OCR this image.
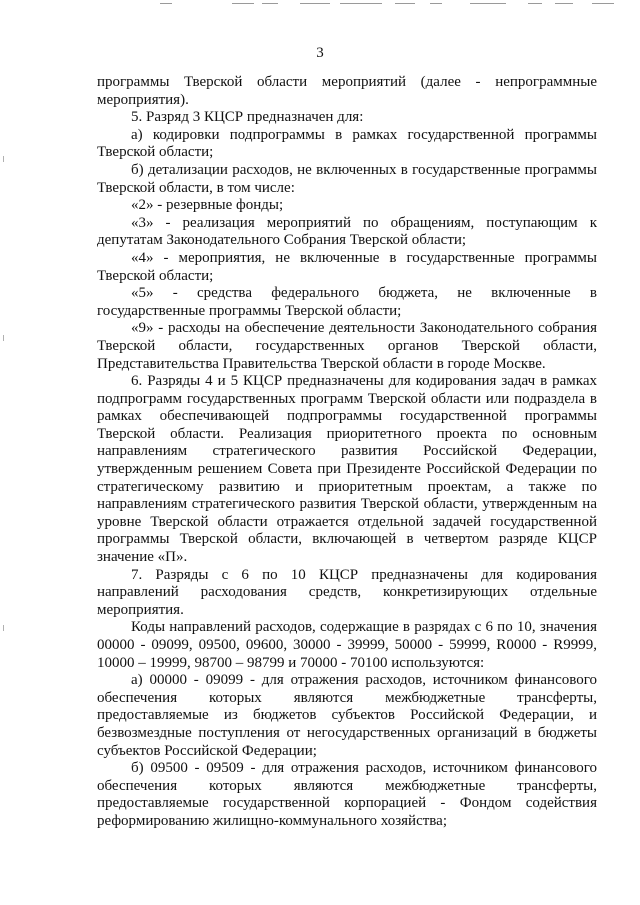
3

программы Тверской области мероприятий (далее - непрограммные мероприятия).

5. Разряд 3 КЦСР предназначен для:

а) кодировки подпрограммы в рамках государственной программы Тверской области;

б) детализации расходов, не включенных в государственные программы Тверской области, в том числе:

«2» - резервные фонды;

«3» - реализация мероприятий по обращениям, поступающим к депутатам Законодательного Собрания Тверской области;

«4» - мероприятия, не включенные в государственные программы Тверской области;

«5» - средства федерального бюджета, не включенные в государственные программы Тверской области;

«9» - расходы на обеспечение деятельности Законодательного собрания Тверской области, государственных органов Тверской области, Представительства Правительства Тверской области в городе Москве.

6. Разряды 4 и 5 КЦСР предназначены для кодирования задач в рамках подпрограмм государственных программ Тверской области или подраздела в рамках обеспечивающей подпрограммы государственной программы Тверской области. Реализация приоритетного проекта по основным направлениям стратегического развития Российской Федерации, утвержденным решением Совета при Президенте Российской Федерации по стратегическому развитию и приоритетным проектам, а также по направлениям стратегического развития Тверской области, утвержденным на уровне Тверской области отражается отдельной задачей государственной программы Тверской области, включающей в четвертом разряде КЦСР значение «П».

7. Разряды с 6 по 10 КЦСР предназначены для кодирования направлений расходования средств, конкретизирующих отдельные мероприятия.

Коды направлений расходов, содержащие в разрядах с 6 по 10, значения 00000 - 09099, 09500, 09600, 30000 - 39999, 50000 - 59999, R0000 - R9999, 10000 – 19999, 98700 – 98799 и 70000 - 70100 используются:

а) 00000 - 09099 - для отражения расходов, источником финансового обеспечения которых являются межбюджетные трансферты, предоставляемые из бюджетов субъектов Российской Федерации, и безвозмездные поступления от негосударственных организаций в бюджеты субъектов Российской Федерации;

б) 09500 - 09509 - для отражения расходов, источником финансового обеспечения которых являются межбюджетные трансферты, предоставляемые государственной корпорацией - Фондом содействия реформированию жилищно-коммунального хозяйства;
